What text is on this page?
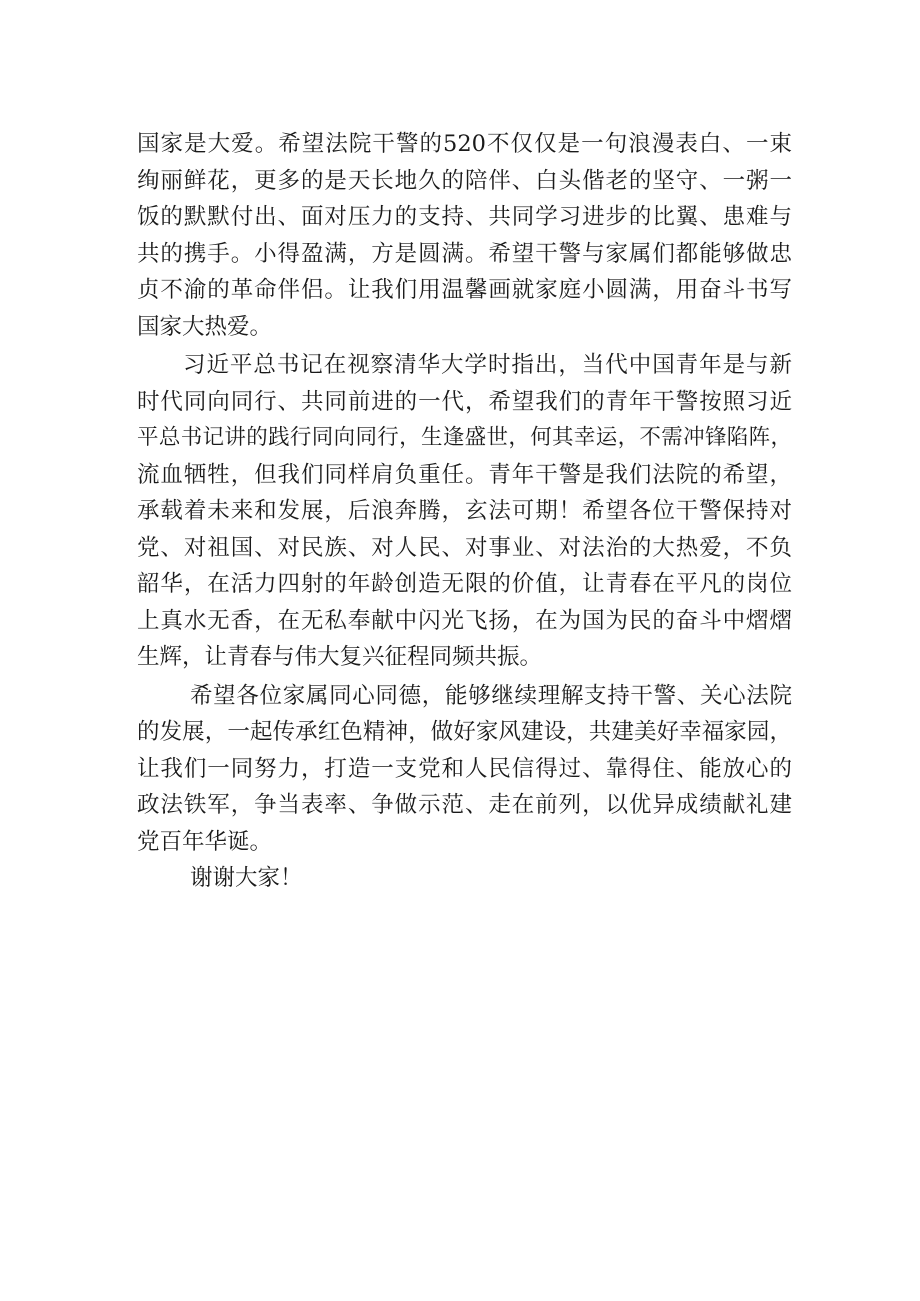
国家是大爱。希望法院干警的520不仅仅是一句浪漫表白、一束
绚丽鲜花，更多的是天长地久的陪伴、白头偕老的坚守、一粥一
饭的默默付出、面对压力的支持、共同学习进步的比翼、患难与
共的携手。小得盈满，方是圆满。希望干警与家属们都能够做忠
贞不渝的革命伴侣。让我们用温馨画就家庭小圆满，用奋斗书写
国家大热爱。
习近平总书记在视察清华大学时指出，当代中国青年是与新
时代同向同行、共同前进的一代，希望我们的青年干警按照习近
平总书记讲的践行同向同行，生逢盛世，何其幸运，不需冲锋陷阵，
流血牺牲，但我们同样肩负重任。青年干警是我们法院的希望，
承载着未来和发展，后浪奔腾，玄法可期！希望各位干警保持对
党、对祖国、对民族、对人民、对事业、对法治的大热爱，不负
韶华，在活力四射的年龄创造无限的价值，让青春在平凡的岗位
上真水无香，在无私奉献中闪光飞扬，在为国为民的奋斗中熠熠
生辉，让青春与伟大复兴征程同频共振。
希望各位家属同心同德，能够继续理解支持干警、关心法院
的发展，一起传承红色精神，做好家风建设，共建美好幸福家园，
让我们一同努力，打造一支党和人民信得过、靠得住、能放心的
政法铁军，争当表率、争做示范、走在前列，以优异成绩献礼建
党百年华诞。
谢谢大家！
